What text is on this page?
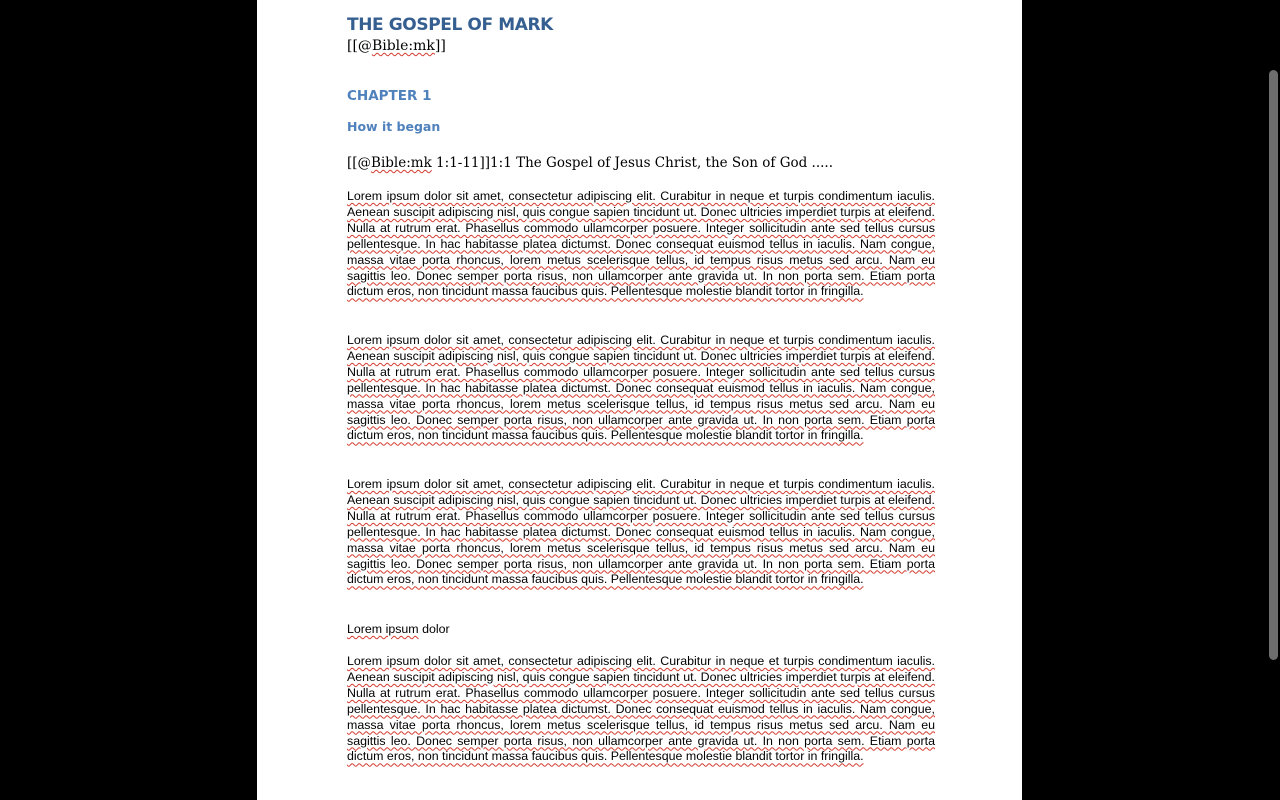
THE GOSPEL OF MARK

[[@Bible:mk]]

CHAPTER 1
How it began

[[@Bible:mk 1:1-11]]1:1 The Gospel of Jesus Christ, the Son of God .....

Lorem ipsum dolor sit amet, consectetur adipiscing elit. Curabitur in neque et turpis condimentum iaculis. Aenean suscipit adipiscing nisl, quis congue sapien tincidunt ut. Donec ultricies imperdiet turpis at eleifend. Nulla at rutrum erat. Phasellus commodo ullamcorper posuere. Integer sollicitudin ante sed tellus cursus pellentesque. In hac habitasse platea dictumst. Donec consequat euismod tellus in iaculis. Nam congue, massa vitae porta rhoncus, lorem metus scelerisque tellus, id tempus risus metus sed arcu. Nam eu sagittis leo. Donec semper porta risus, non ullamcorper ante gravida ut. In non porta sem. Etiam porta dictum eros, non tincidunt massa faucibus quis. Pellentesque molestie blandit tortor in fringilla.

Lorem ipsum dolor sit amet, consectetur adipiscing elit. Curabitur in neque et turpis condimentum iaculis. Aenean suscipit adipiscing nisl, quis congue sapien tincidunt ut. Donec ultricies imperdiet turpis at eleifend. Nulla at rutrum erat. Phasellus commodo ullamcorper posuere. Integer sollicitudin ante sed tellus cursus pellentesque. In hac habitasse platea dictumst. Donec consequat euismod tellus in iaculis. Nam congue, massa vitae porta rhoncus, lorem metus scelerisque tellus, id tempus risus metus sed arcu. Nam eu sagittis leo. Donec semper porta risus, non ullamcorper ante gravida ut. In non porta sem. Etiam porta dictum eros, non tincidunt massa faucibus quis. Pellentesque molestie blandit tortor in fringilla.

Lorem ipsum dolor sit amet, consectetur adipiscing elit. Curabitur in neque et turpis condimentum iaculis. Aenean suscipit adipiscing nisl, quis congue sapien tincidunt ut. Donec ultricies imperdiet turpis at eleifend. Nulla at rutrum erat. Phasellus commodo ullamcorper posuere. Integer sollicitudin ante sed tellus cursus pellentesque. In hac habitasse platea dictumst. Donec consequat euismod tellus in iaculis. Nam congue, massa vitae porta rhoncus, lorem metus scelerisque tellus, id tempus risus metus sed arcu. Nam eu sagittis leo. Donec semper porta risus, non ullamcorper ante gravida ut. In non porta sem. Etiam porta dictum eros, non tincidunt massa faucibus quis. Pellentesque molestie blandit tortor in fringilla.

Lorem ipsum dolor

Lorem ipsum dolor sit amet, consectetur adipiscing elit. Curabitur in neque et turpis condimentum iaculis. Aenean suscipit adipiscing nisl, quis congue sapien tincidunt ut. Donec ultricies imperdiet turpis at eleifend. Nulla at rutrum erat. Phasellus commodo ullamcorper posuere. Integer sollicitudin ante sed tellus cursus pellentesque. In hac habitasse platea dictumst. Donec consequat euismod tellus in iaculis. Nam congue, massa vitae porta rhoncus, lorem metus scelerisque tellus, id tempus risus metus sed arcu. Nam eu sagittis leo. Donec semper porta risus, non ullamcorper ante gravida ut. In non porta sem. Etiam porta dictum eros, non tincidunt massa faucibus quis. Pellentesque molestie blandit tortor in fringilla.
